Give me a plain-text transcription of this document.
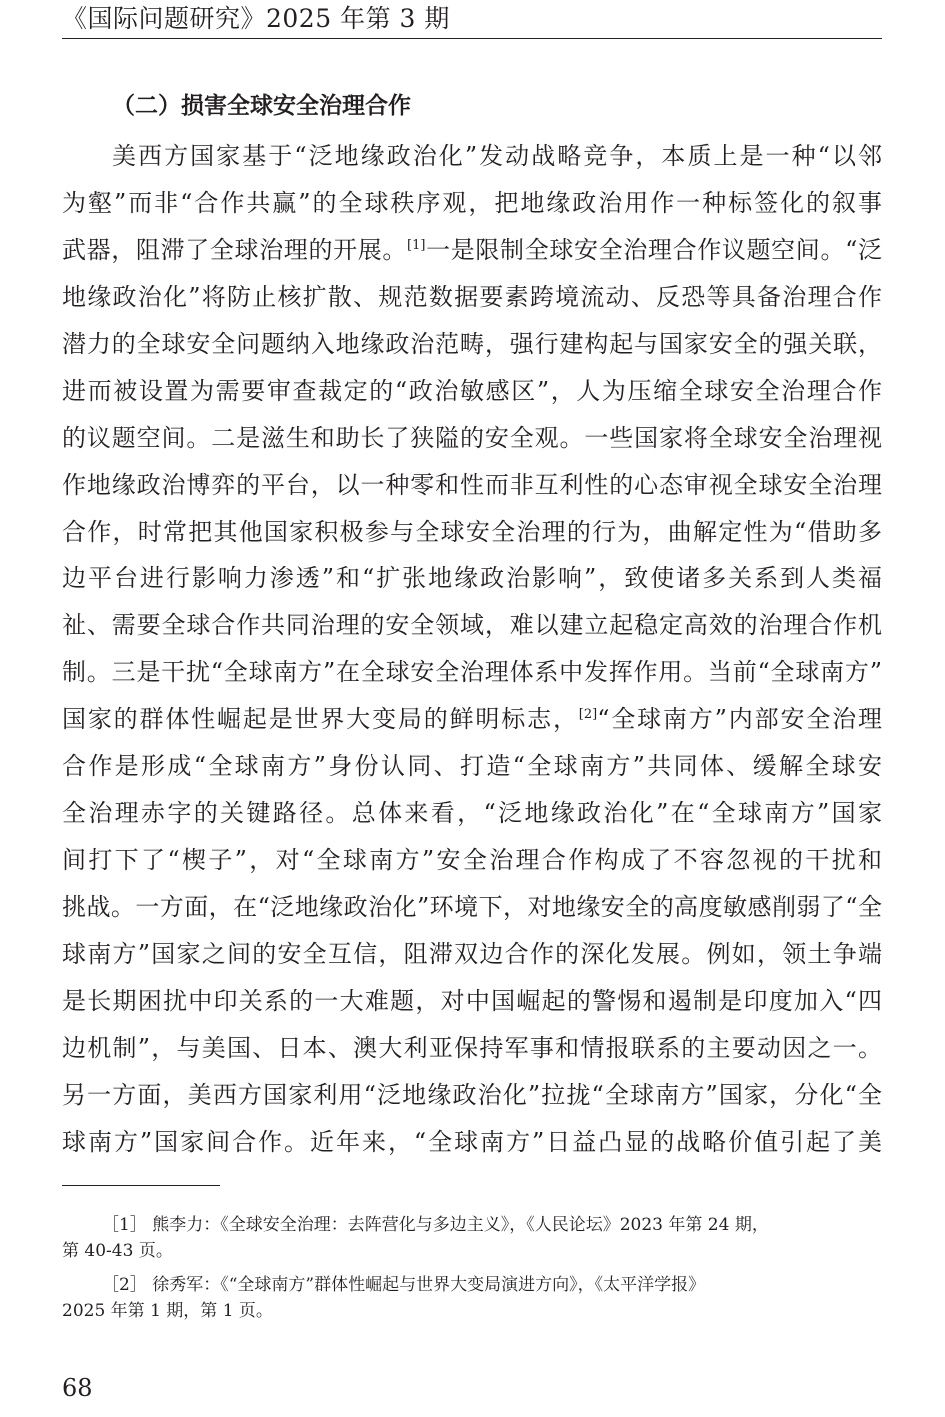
《国际问题研究》2025 年第 3 期
（二）损害全球安全治理合作
美西方国家基于“泛地缘政治化”发动战略竞争，本质上是一种“以邻
为壑”而非“合作共赢”的全球秩序观，把地缘政治用作一种标签化的叙事
武器，阻滞了全球治理的开展。[1]一是限制全球安全治理合作议题空间。“泛
地缘政治化”将防止核扩散、规范数据要素跨境流动、反恐等具备治理合作
潜力的全球安全问题纳入地缘政治范畴，强行建构起与国家安全的强关联，
进而被设置为需要审查裁定的“政治敏感区”，人为压缩全球安全治理合作
的议题空间。二是滋生和助长了狭隘的安全观。一些国家将全球安全治理视
作地缘政治博弈的平台，以一种零和性而非互利性的心态审视全球安全治理
合作，时常把其他国家积极参与全球安全治理的行为，曲解定性为“借助多
边平台进行影响力渗透”和“扩张地缘政治影响”，致使诸多关系到人类福
祉、需要全球合作共同治理的安全领域，难以建立起稳定高效的治理合作机
制。三是干扰“全球南方”在全球安全治理体系中发挥作用。当前“全球南方”
国家的群体性崛起是世界大变局的鲜明标志，[2]“全球南方”内部安全治理
合作是形成“全球南方”身份认同、打造“全球南方”共同体、缓解全球安
全治理赤字的关键路径。总体来看，“泛地缘政治化”在“全球南方”国家
间打下了“楔子”，对“全球南方”安全治理合作构成了不容忽视的干扰和
挑战。一方面，在“泛地缘政治化”环境下，对地缘安全的高度敏感削弱了“全
球南方”国家之间的安全互信，阻滞双边合作的深化发展。例如，领土争端
是长期困扰中印关系的一大难题，对中国崛起的警惕和遏制是印度加入“四
边机制”，与美国、日本、澳大利亚保持军事和情报联系的主要动因之一。
另一方面，美西方国家利用“泛地缘政治化”拉拢“全球南方”国家，分化“全
球南方”国家间合作。近年来，“全球南方”日益凸显的战略价值引起了美
［1］ 熊李力：《全球安全治理：去阵营化与多边主义》，《人民论坛》2023 年第 24 期，
第 40-43 页。
［2］ 徐秀军：《“全球南方”群体性崛起与世界大变局演进方向》，《太平洋学报》
2025 年第 1 期，第 1 页。
68
